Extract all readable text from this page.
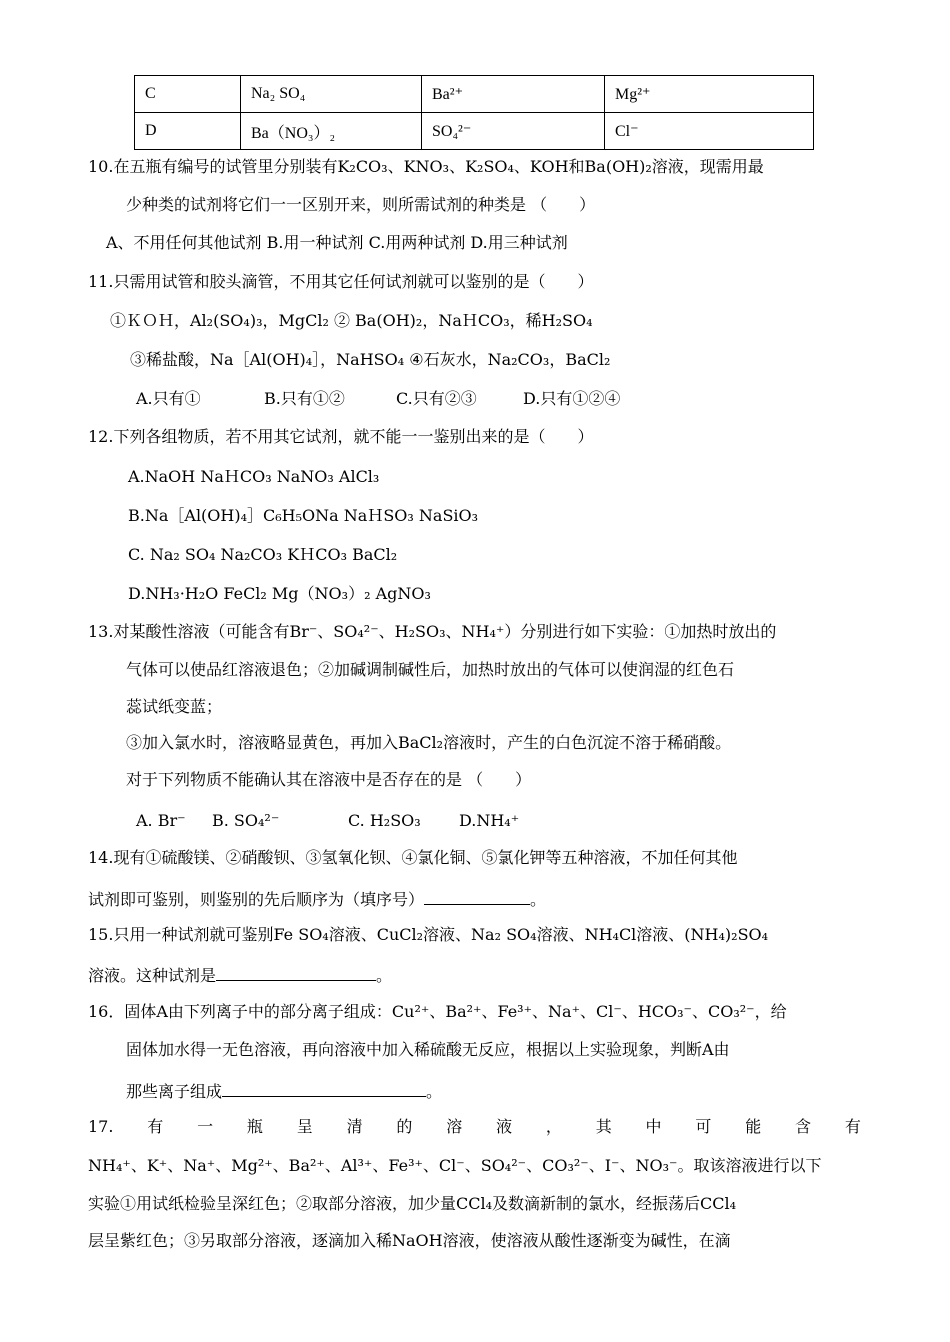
C	Na₂ SO₄	Ba²⁺	Mg²⁺
D	Ba（NO₃）₂	SO₄²⁻	Cl⁻
10.在五瓶有编号的试管里分别装有K₂CO₃、KNO₃、K₂SO₄、KOH和Ba(OH)₂溶液，现需用最
少种类的试剂将它们一一区别开来，则所需试剂的种类是 （　　）
A、不用任何其他试剂 B.用一种试剂 C.用两种试剂 D.用三种试剂
11.只需用试管和胶头滴管，不用其它任何试剂就可以鉴别的是（　　）
①ＫＯＨ，Al₂(SO₄)₃，MgCl₂ ② Ba(OH)₂，NaＨCO₃，稀H₂SO₄
③稀盐酸，Na［Al(OH)₄］，NaHSO₄ ④石灰水，Na₂CO₃，BaCl₂
A.只有①	B.只有①②	C.只有②③	D.只有①②④
12.下列各组物质，若不用其它试剂，就不能一一鉴别出来的是（　　）
A.NaOH NaＨCO₃ NaNO₃ AlCl₃
B.Na［Al(OH)₄］C₆H₅ONa NaＨSO₃ NaSiO₃
C. Na₂ SO₄ Na₂CO₃ KＨCO₃ BaCl₂
D.NH₃·H₂O FeCl₂ Mg（NO₃）₂ AgNO₃
13.对某酸性溶液（可能含有Br⁻、SO₄²⁻、H₂SO₃、NH₄⁺）分别进行如下实验：①加热时放出的
气体可以使品红溶液退色；②加碱调制碱性后，加热时放出的气体可以使润湿的红色石
蕊试纸变蓝；
③加入氯水时，溶液略显黄色，再加入BaCl₂溶液时，产生的白色沉淀不溶于稀硝酸。
对于下列物质不能确认其在溶液中是否存在的是 （　　）
A. Br⁻ B. SO₄²⁻	C. H₂SO₃ D.NH₄⁺
14.现有①硫酸镁、②硝酸钡、③氢氧化钡、④氯化铜、⑤氯化钾等五种溶液，不加任何其他
试剂即可鉴别，则鉴别的先后顺序为（填序号）	。
15.只用一种试剂就可鉴别Fe SO₄溶液、CuCl₂溶液、Na₂ SO₄溶液、NH₄Cl溶液、(NH₄)₂SO₄
溶液。这种试剂是	。
16．固体A由下列离子中的部分离子组成：Cu²⁺、Ba²⁺、Fe³⁺、Na⁺、Cl⁻、HCO₃⁻、CO₃²⁻，给
固体加水得一无色溶液，再向溶液中加入稀硫酸无反应，根据以上实验现象，判断A由
那些离子组成	。
17. 有 一 瓶 呈 清 的 溶 液 ， 其 中 可 能 含 有
NH₄⁺、K⁺、Na⁺、Mg²⁺、Ba²⁺、Al³⁺、Fe³⁺、Cl⁻、SO₄²⁻、CO₃²⁻、I⁻、NO₃⁻。取该溶液进行以下
实验①用试纸检验呈深红色；②取部分溶液，加少量CCl₄及数滴新制的氯水，经振荡后CCl₄
层呈紫红色；③另取部分溶液，逐滴加入稀NaOH溶液，使溶液从酸性逐渐变为碱性，在滴
